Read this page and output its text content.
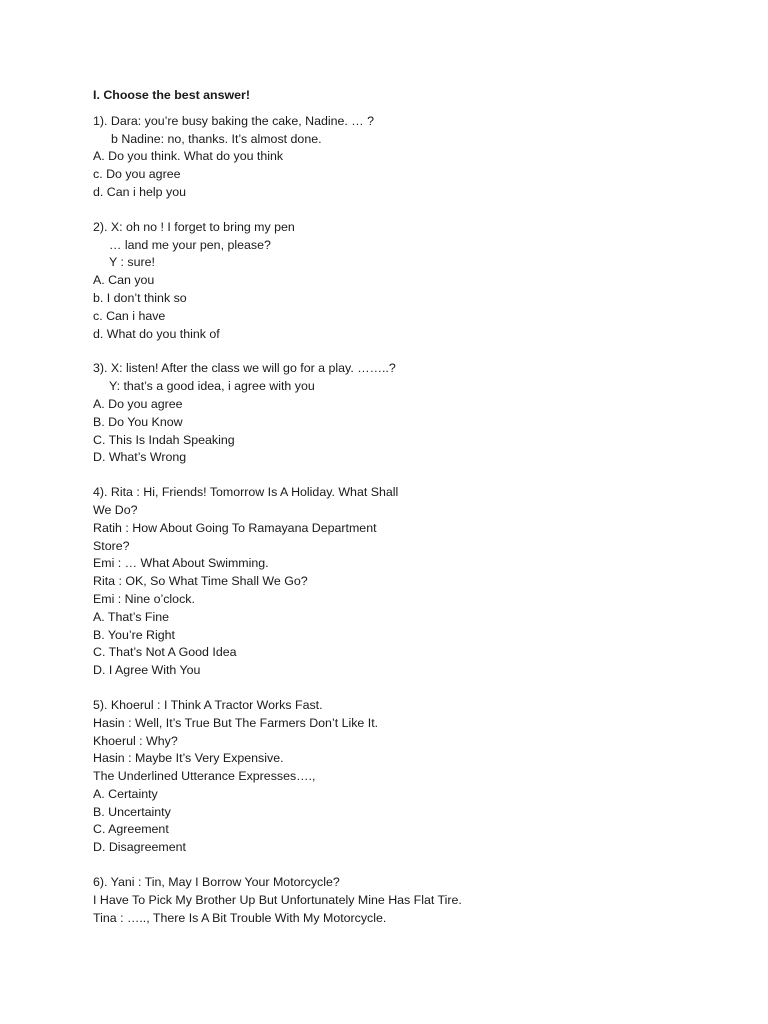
I. Choose the best answer!
1). Dara: you’re busy baking the cake, Nadine. … ?
b Nadine: no, thanks. It’s almost done.
A. Do you think. What do you think
c. Do you agree
d. Can i help you
2). X: oh no ! I forget to bring my pen
… land me your pen, please?
Y : sure!
A. Can you
b. I don’t think so
c. Can i have
d. What do you think of
3). X: listen! After the class we will go for a play. ……..?
Y: that’s a good idea, i agree with you
A. Do you agree
B. Do You Know
C. This Is Indah Speaking
D. What’s Wrong
4). Rita : Hi, Friends! Tomorrow Is A Holiday. What Shall
We Do?
Ratih : How About Going To Ramayana Department
Store?
Emi : … What About Swimming.
Rita : OK, So What Time Shall We Go?
Emi : Nine o’clock.
A. That’s Fine
B. You’re Right
C. That’s Not A Good Idea
D. I Agree With You
5). Khoerul : I Think A Tractor Works Fast.
Hasin : Well, It’s True But The Farmers Don’t Like It.
Khoerul : Why?
Hasin : Maybe It’s Very Expensive.
The Underlined Utterance Expresses….,
A. Certainty
B. Uncertainty
C. Agreement
D. Disagreement
6). Yani : Tin, May I Borrow Your Motorcycle?
I Have To Pick My Brother Up But Unfortunately Mine Has Flat Tire.
Tina : ….., There Is A Bit Trouble With My Motorcycle.
